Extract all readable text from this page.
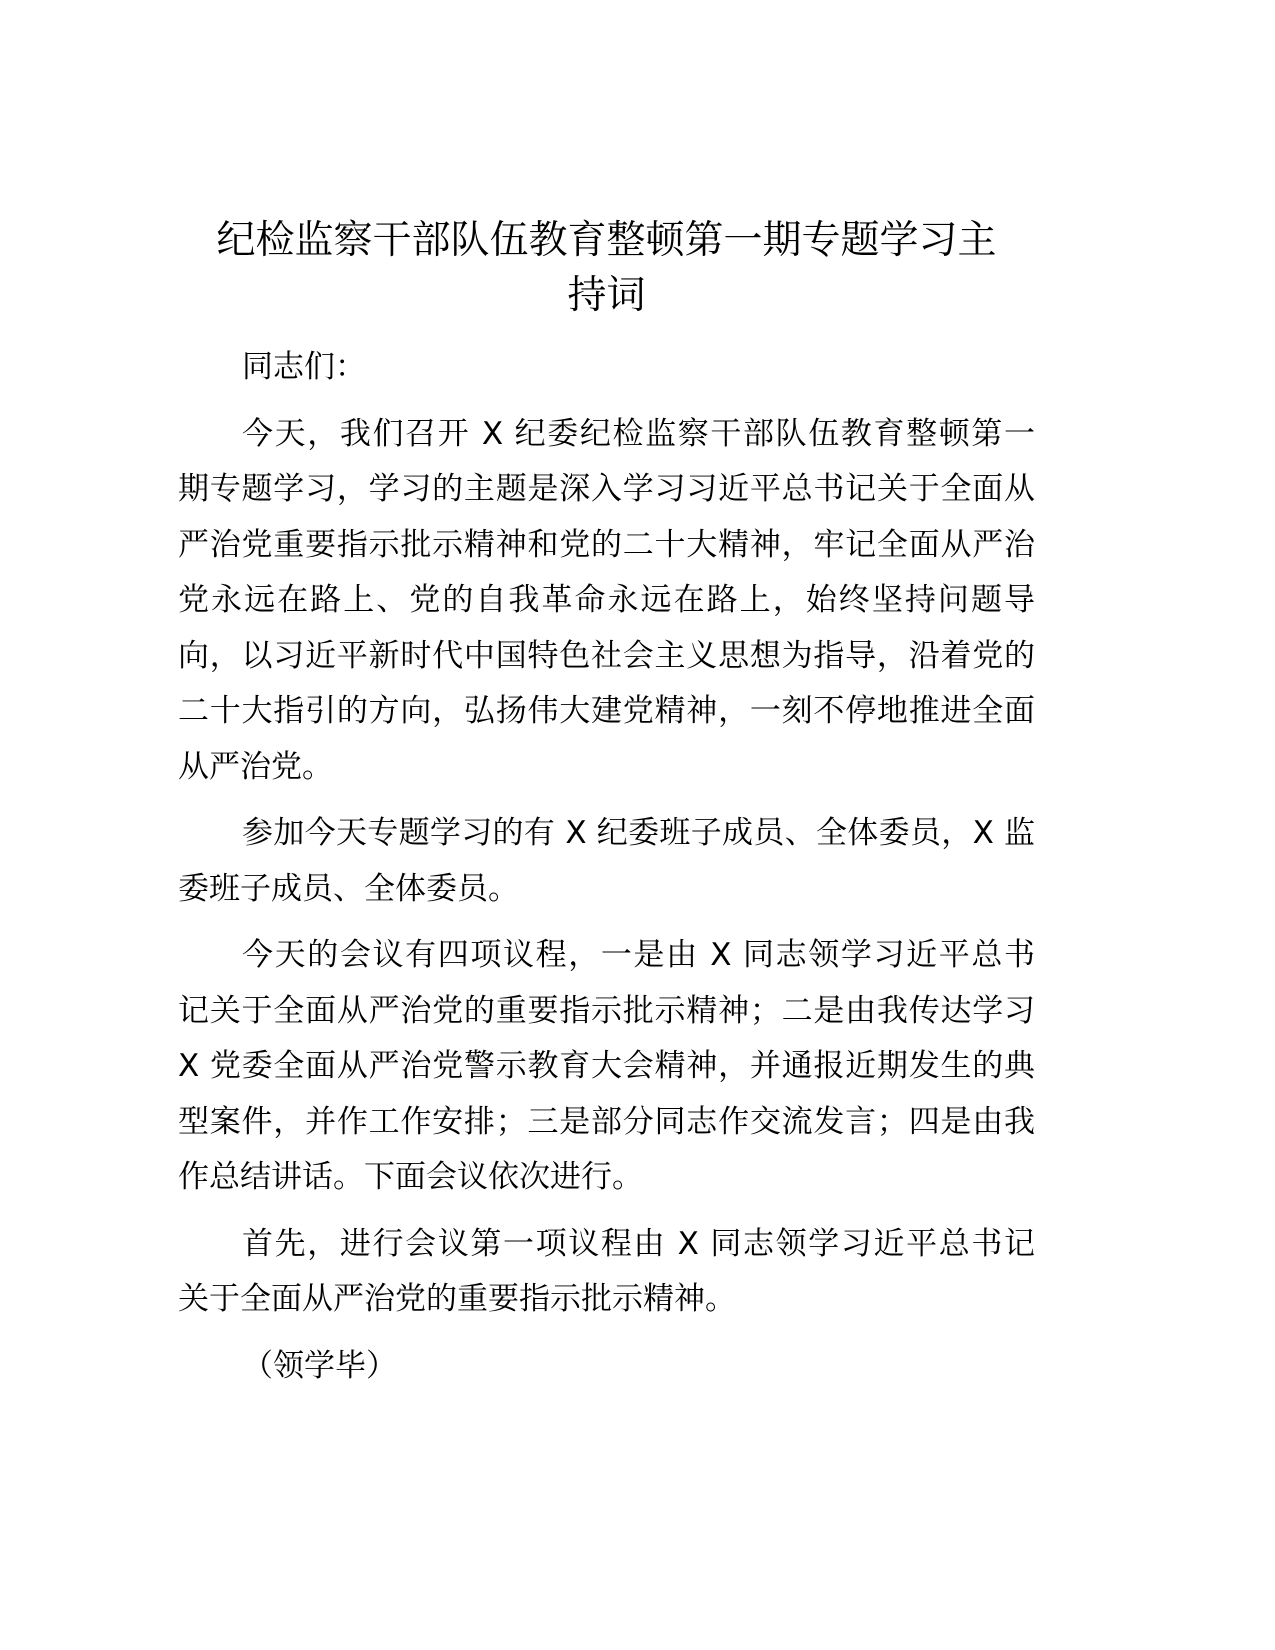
纪检监察干部队伍教育整顿第一期专题学习主
持词
同志们：
今天，我们召开 X 纪委纪检监察干部队伍教育整顿第一
期专题学习，学习的主题是深入学习习近平总书记关于全面从
严治党重要指示批示精神和党的二十大精神，牢记全面从严治
党永远在路上、党的自我革命永远在路上，始终坚持问题导
向，以习近平新时代中国特色社会主义思想为指导，沿着党的
二十大指引的方向，弘扬伟大建党精神，一刻不停地推进全面
从严治党。
参加今天专题学习的有 X 纪委班子成员、全体委员，X 监
委班子成员、全体委员。
今天的会议有四项议程，一是由 X 同志领学习近平总书
记关于全面从严治党的重要指示批示精神；二是由我传达学习
X 党委全面从严治党警示教育大会精神，并通报近期发生的典
型案件，并作工作安排；三是部分同志作交流发言；四是由我
作总结讲话。下面会议依次进行。
首先，进行会议第一项议程由 X 同志领学习近平总书记
关于全面从严治党的重要指示批示精神。
（领学毕）
